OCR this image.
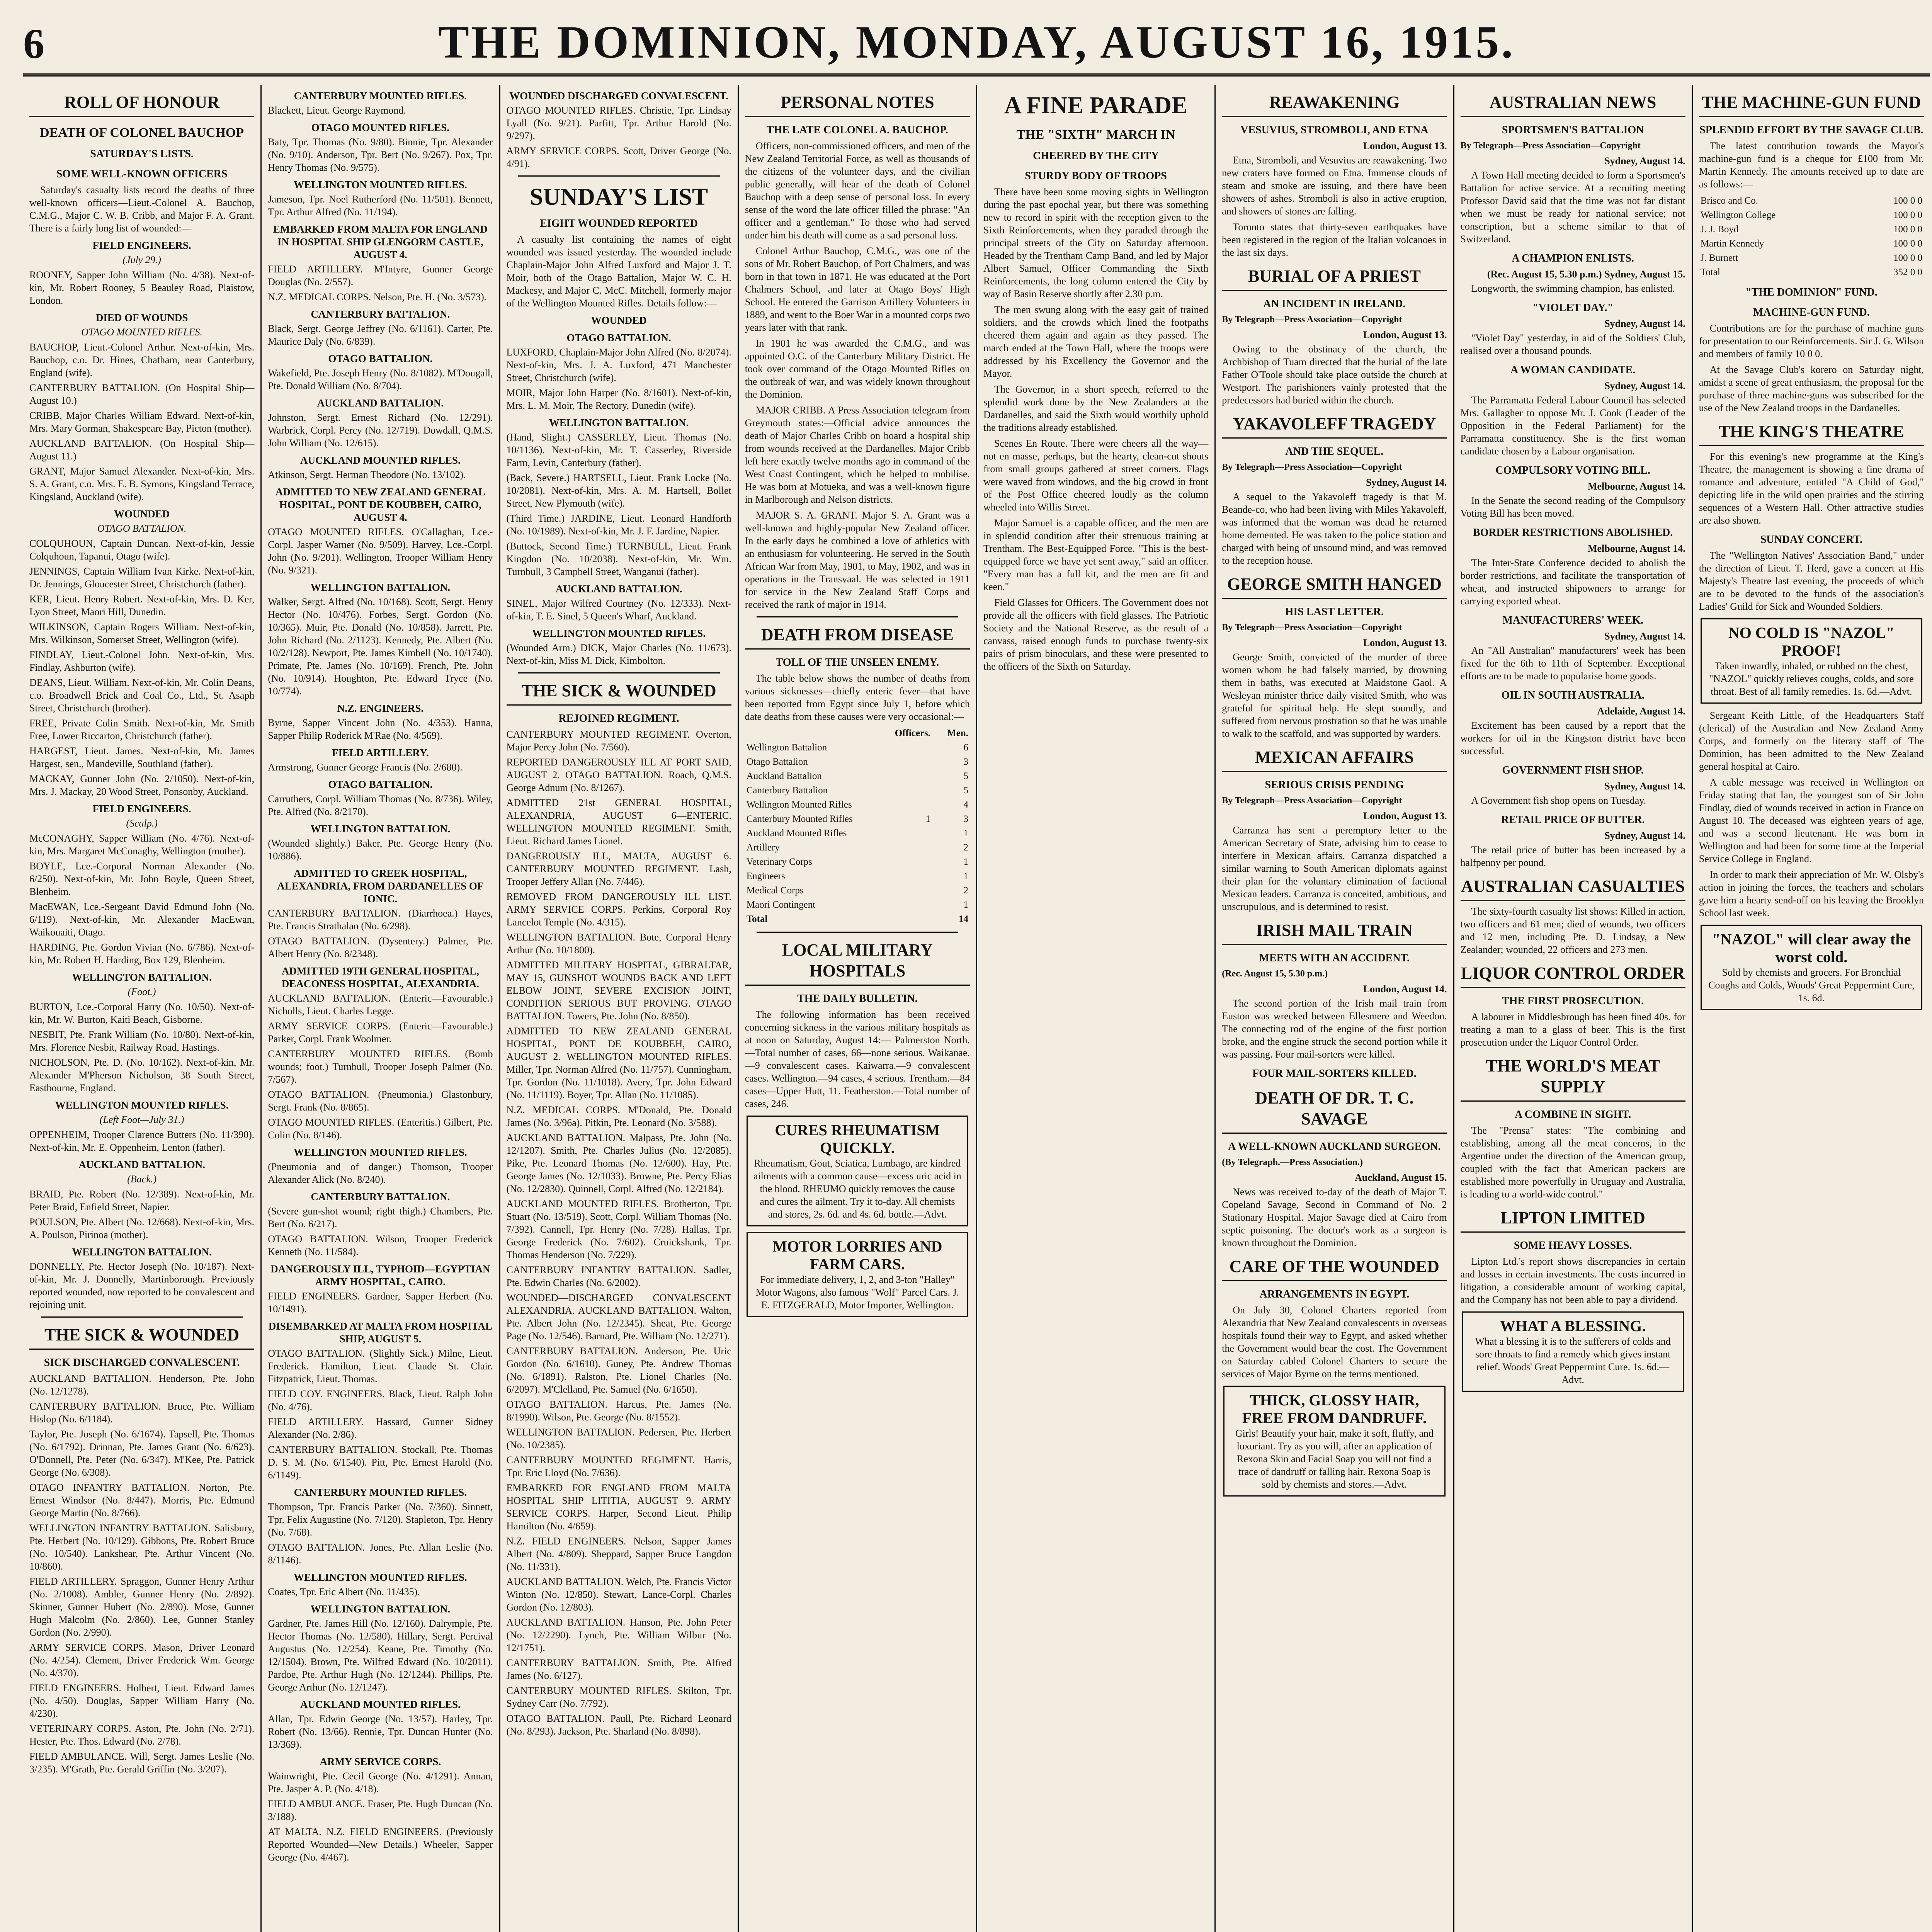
6	THE DOMINION, MONDAY, AUGUST 16, 1915.
ROLL OF HONOUR
DEATH OF COLONEL BAUCHOP
SATURDAY'S LISTS.
SOME WELL-KNOWN OFFICERS

Saturday's casualty lists record the deaths of three well-known officers—Lieut.-Colonel A. Bauchop, C.M.G., Major C. W. B. Cribb, and Major F. A. Grant. There is a fairly long list of wounded:—

FIELD ENGINEERS.
(July 29.)
ROONEY, Sapper John William (No. 4/38). Next-of-kin, Mr. Robert Rooney, 5 Beauley Road, Plaistow, London.
DIED OF WOUNDS
OTAGO MOUNTED RIFLES.
BAUCHOP, Lieut.-Colonel Arthur. Next-of-kin, Mrs. Bauchop, c.o. Dr. Hines, Chatham, near Canterbury, England (wife).
CANTERBURY BATTALION. (On Hospital Ship—August 10.)
CRIBB, Major Charles William Edward. Next-of-kin, Mrs. Mary Gorman, Shakespeare Bay, Picton (mother).
AUCKLAND BATTALION. (On Hospital Ship—August 11.)
GRANT, Major Samuel Alexander. Next-of-kin, Mrs. S. A. Grant, c.o. Mrs. E. B. Symons, Kingsland Terrace, Kingsland, Auckland (wife).
WOUNDED
OTAGO BATTALION.
COLQUHOUN, Captain Duncan. Next-of-kin, Jessie Colquhoun, Tapanui, Otago (wife).
JENNINGS, Captain William Ivan Kirke. Next-of-kin, Dr. Jennings, Gloucester Street, Christchurch (father).
KER, Lieut. Henry Robert. Next-of-kin, Mrs. D. Ker, Lyon Street, Maori Hill, Dunedin.
WILKINSON, Captain Rogers William. Next-of-kin, Mrs. Wilkinson, Somerset Street, Wellington (wife).
FINDLAY, Lieut.-Colonel John. Next-of-kin, Mrs. Findlay, Ashburton (wife).
DEANS, Lieut. William. Next-of-kin, Mr. Colin Deans, c.o. Broadwell Brick and Coal Co., Ltd., St. Asaph Street, Christchurch (brother).
FREE, Private Colin Smith. Next-of-kin, Mr. Smith Free, Lower Riccarton, Christchurch (father).
HARGEST, Lieut. James. Next-of-kin, Mr. James Hargest, sen., Mandeville, Southland (father).
MACKAY, Gunner John (No. 2/1050). Next-of-kin, Mrs. J. Mackay, 20 Wood Street, Ponsonby, Auckland.
FIELD ENGINEERS.
(Scalp.)
McCONAGHY, Sapper William (No. 4/76). Next-of-kin, Mrs. Margaret McConaghy, Wellington (mother).
BOYLE, Lce.-Corporal Norman Alexander (No. 6/250). Next-of-kin, Mr. John Boyle, Queen Street, Blenheim.
MacEWAN, Lce.-Sergeant David Edmund John (No. 6/119). Next-of-kin, Mr. Alexander MacEwan, Waikouaiti, Otago.
HARDING, Pte. Gordon Vivian (No. 6/786). Next-of-kin, Mr. Robert H. Harding, Box 129, Blenheim.
WELLINGTON BATTALION.
(Foot.)
BURTON, Lce.-Corporal Harry (No. 10/50). Next-of-kin, Mr. W. Burton, Kaiti Beach, Gisborne.
NESBIT, Pte. Frank William (No. 10/80). Next-of-kin, Mrs. Florence Nesbit, Railway Road, Hastings.
NICHOLSON, Pte. D. (No. 10/162). Next-of-kin, Mr. Alexander M'Pherson Nicholson, 38 South Street, Eastbourne, England.
WELLINGTON MOUNTED RIFLES.
(Left Foot—July 31.)
OPPENHEIM, Trooper Clarence Butters (No. 11/390). Next-of-kin, Mr. E. Oppenheim, Lenton (father).
AUCKLAND BATTALION.
(Back.)
BRAID, Pte. Robert (No. 12/389). Next-of-kin, Mr. Peter Braid, Enfield Street, Napier.
POULSON, Pte. Albert (No. 12/668). Next-of-kin, Mrs. A. Poulson, Pirinoa (mother).
WELLINGTON BATTALION.
DONNELLY, Pte. Hector Joseph (No. 10/187). Next-of-kin, Mr. J. Donnelly, Martinborough. Previously reported wounded, now reported to be convalescent and rejoining unit.
THE SICK & WOUNDED
SICK DISCHARGED CONVALESCENT.
AUCKLAND BATTALION. Henderson, Pte. John (No. 12/1278).
CANTERBURY BATTALION. Bruce, Pte. William Hislop (No. 6/1184).
Taylor, Pte. Joseph (No. 6/1674). Tapsell, Pte. Thomas (No. 6/1792). Drinnan, Pte. James Grant (No. 6/623). O'Donnell, Pte. Peter (No. 6/347). M'Kee, Pte. Patrick George (No. 6/308).
OTAGO INFANTRY BATTALION. Norton, Pte. Ernest Windsor (No. 8/447). Morris, Pte. Edmund George Martin (No. 8/766).
WELLINGTON INFANTRY BATTALION. Salisbury, Pte. Herbert (No. 10/129). Gibbons, Pte. Robert Bruce (No. 10/540). Lankshear, Pte. Arthur Vincent (No. 10/860).
FIELD ARTILLERY. Spraggon, Gunner Henry Arthur (No. 2/1008). Ambler, Gunner Henry (No. 2/892). Skinner, Gunner Hubert (No. 2/890). Mose, Gunner Hugh Malcolm (No. 2/860). Lee, Gunner Stanley Gordon (No. 2/990).
ARMY SERVICE CORPS. Mason, Driver Leonard (No. 4/254). Clement, Driver Frederick Wm. George (No. 4/370).
FIELD ENGINEERS. Holbert, Lieut. Edward James (No. 4/50). Douglas, Sapper William Harry (No. 4/230).
VETERINARY CORPS. Aston, Pte. John (No. 2/71). Hester, Pte. Thos. Edward (No. 2/78).
FIELD AMBULANCE. Will, Sergt. James Leslie (No. 3/235). M'Grath, Pte. Gerald Griffin (No. 3/207).
CANTERBURY MOUNTED RIFLES.
Blackett, Lieut. George Raymond.
OTAGO MOUNTED RIFLES.
Baty, Tpr. Thomas (No. 9/80). Binnie, Tpr. Alexander (No. 9/10). Anderson, Tpr. Bert (No. 9/267). Pox, Tpr. Henry Thomas (No. 9/575).
WELLINGTON MOUNTED RIFLES.
Jameson, Tpr. Noel Rutherford (No. 11/501). Bennett, Tpr. Arthur Alfred (No. 11/194).
EMBARKED FROM MALTA FOR ENGLAND IN HOSPITAL SHIP GLENGORM CASTLE, AUGUST 4.
FIELD ARTILLERY. M'Intyre, Gunner George Douglas (No. 2/557).
N.Z. MEDICAL CORPS. Nelson, Pte. H. (No. 3/573).
CANTERBURY BATTALION.
Black, Sergt. George Jeffrey (No. 6/1161). Carter, Pte. Maurice Daly (No. 6/839).
OTAGO BATTALION.
Wakefield, Pte. Joseph Henry (No. 8/1082). M'Dougall, Pte. Donald William (No. 8/704).
AUCKLAND BATTALION.
Johnston, Sergt. Ernest Richard (No. 12/291). Warbrick, Corpl. Percy (No. 12/719). Dowdall, Q.M.S. John William (No. 12/615).
AUCKLAND MOUNTED RIFLES.
Atkinson, Sergt. Herman Theodore (No. 13/102).
ADMITTED TO NEW ZEALAND GENERAL HOSPITAL, PONT DE KOUBBEH, CAIRO, AUGUST 4.
OTAGO MOUNTED RIFLES. O'Callaghan, Lce.-Corpl. Jasper Warner (No. 9/509). Harvey, Lce.-Corpl. John (No. 9/201). Wellington, Trooper William Henry (No. 9/321).
WELLINGTON BATTALION.
Walker, Sergt. Alfred (No. 10/168). Scott, Sergt. Henry Hector (No. 10/476). Forbes, Sergt. Gordon (No. 10/365). Muir, Pte. Donald (No. 10/858). Jarrett, Pte. John Richard (No. 2/1123). Kennedy, Pte. Albert (No. 10/2/128). Newport, Pte. James Kimbell (No. 10/1740). Primate, Pte. James (No. 10/169). French, Pte. John (No. 10/914). Houghton, Pte. Edward Tryce (No. 10/774).
N.Z. ENGINEERS.
Byrne, Sapper Vincent John (No. 4/353). Hanna, Sapper Philip Roderick M'Rae (No. 4/569).
FIELD ARTILLERY.
Armstrong, Gunner George Francis (No. 2/680).
OTAGO BATTALION.
Carruthers, Corpl. William Thomas (No. 8/736). Wiley, Pte. Alfred (No. 8/2170).
WELLINGTON BATTALION.
(Wounded slightly.) Baker, Pte. George Henry (No. 10/886).
ADMITTED TO GREEK HOSPITAL, ALEXANDRIA, FROM DARDANELLES OF IONIC.
CANTERBURY BATTALION. (Diarrhoea.) Hayes, Pte. Francis Strathalan (No. 6/298).
OTAGO BATTALION. (Dysentery.) Palmer, Pte. Albert Henry (No. 8/2348).
ADMITTED 19TH GENERAL HOSPITAL, DEACONESS HOSPITAL, ALEXANDRIA.
AUCKLAND BATTALION. (Enteric—Favourable.) Nicholls, Lieut. Charles Legge.
ARMY SERVICE CORPS. (Enteric—Favourable.) Parker, Corpl. Frank Woolmer.
CANTERBURY MOUNTED RIFLES. (Bomb wounds; foot.) Turnbull, Trooper Joseph Palmer (No. 7/567).
OTAGO BATTALION. (Pneumonia.) Glastonbury, Sergt. Frank (No. 8/865).
OTAGO MOUNTED RIFLES. (Enteritis.) Gilbert, Pte. Colin (No. 8/146).
WELLINGTON MOUNTED RIFLES.
(Pneumonia and of danger.) Thomson, Trooper Alexander Alick (No. 8/240).
CANTERBURY BATTALION.
(Severe gun-shot wound; right thigh.) Chambers, Pte. Bert (No. 6/217).
OTAGO BATTALION. Wilson, Trooper Frederick Kenneth (No. 11/584).
DANGEROUSLY ILL, TYPHOID—EGYPTIAN ARMY HOSPITAL, CAIRO.
FIELD ENGINEERS. Gardner, Sapper Herbert (No. 10/1491).
DISEMBARKED AT MALTA FROM HOSPITAL SHIP, AUGUST 5.
OTAGO BATTALION. (Slightly Sick.) Milne, Lieut. Frederick. Hamilton, Lieut. Claude St. Clair. Fitzpatrick, Lieut. Thomas.
FIELD COY. ENGINEERS. Black, Lieut. Ralph John (No. 4/76).
FIELD ARTILLERY. Hassard, Gunner Sidney Alexander (No. 2/86).
CANTERBURY BATTALION. Stockall, Pte. Thomas D. S. M. (No. 6/1540). Pitt, Pte. Ernest Harold (No. 6/1149).
CANTERBURY MOUNTED RIFLES.
Thompson, Tpr. Francis Parker (No. 7/360). Sinnett, Tpr. Felix Augustine (No. 7/120). Stapleton, Tpr. Henry (No. 7/68).
OTAGO BATTALION. Jones, Pte. Allan Leslie (No. 8/1146).
WELLINGTON MOUNTED RIFLES.
Coates, Tpr. Eric Albert (No. 11/435).
WELLINGTON BATTALION.
Gardner, Pte. James Hill (No. 12/160). Dalrymple, Pte. Hector Thomas (No. 12/580). Hillary, Sergt. Percival Augustus (No. 12/254). Keane, Pte. Timothy (No. 12/1504). Brown, Pte. Wilfred Edward (No. 10/2011). Pardoe, Pte. Arthur Hugh (No. 12/1244). Phillips, Pte. George Arthur (No. 12/1247).
AUCKLAND MOUNTED RIFLES.
Allan, Tpr. Edwin George (No. 13/57). Harley, Tpr. Robert (No. 13/66). Rennie, Tpr. Duncan Hunter (No. 13/369).
ARMY SERVICE CORPS.
Wainwright, Pte. Cecil George (No. 4/1291). Annan, Pte. Jasper A. P. (No. 4/18).
FIELD AMBULANCE. Fraser, Pte. Hugh Duncan (No. 3/188).
AT MALTA. N.Z. FIELD ENGINEERS. (Previously Reported Wounded—New Details.) Wheeler, Sapper George (No. 4/467).
WOUNDED DISCHARGED CONVALESCENT.
OTAGO MOUNTED RIFLES. Christie, Tpr. Lindsay Lyall (No. 9/21). Parfitt, Tpr. Arthur Harold (No. 9/297).
ARMY SERVICE CORPS. Scott, Driver George (No. 4/91).
SUNDAY'S LIST
EIGHT WOUNDED REPORTED

A casualty list containing the names of eight wounded was issued yesterday. The wounded include Chaplain-Major John Alfred Luxford and Major J. T. Moir, both of the Otago Battalion, Major W. C. H. Mackesy, and Major C. McC. Mitchell, formerly major of the Wellington Mounted Rifles. Details follow:—

WOUNDED
OTAGO BATTALION.
LUXFORD, Chaplain-Major John Alfred (No. 8/2074). Next-of-kin, Mrs. J. A. Luxford, 471 Manchester Street, Christchurch (wife).
MOIR, Major John Harper (No. 8/1601). Next-of-kin, Mrs. L. M. Moir, The Rectory, Dunedin (wife).
WELLINGTON BATTALION.
(Hand, Slight.) CASSERLEY, Lieut. Thomas (No. 10/1136). Next-of-kin, Mr. T. Casserley, Riverside Farm, Levin, Canterbury (father).
(Back, Severe.) HARTSELL, Lieut. Frank Locke (No. 10/2081). Next-of-kin, Mrs. A. M. Hartsell, Bollet Street, New Plymouth (wife).
(Third Time.) JARDINE, Lieut. Leonard Handforth (No. 10/1989). Next-of-kin, Mr. J. F. Jardine, Napier.
(Buttock, Second Time.) TURNBULL, Lieut. Frank Kingdon (No. 10/2038). Next-of-kin, Mr. Wm. Turnbull, 3 Campbell Street, Wanganui (father).
AUCKLAND BATTALION.
SINEL, Major Wilfred Courtney (No. 12/333). Next-of-kin, T. E. Sinel, 5 Queen's Wharf, Auckland.
WELLINGTON MOUNTED RIFLES.
(Wounded Arm.) DICK, Major Charles (No. 11/673). Next-of-kin, Miss M. Dick, Kimbolton.
THE SICK & WOUNDED
REJOINED REGIMENT.
CANTERBURY MOUNTED REGIMENT. Overton, Major Percy John (No. 7/560).
REPORTED DANGEROUSLY ILL AT PORT SAID, AUGUST 2. OTAGO BATTALION. Roach, Q.M.S. George Adnum (No. 8/1267).
ADMITTED 21st GENERAL HOSPITAL, ALEXANDRIA, AUGUST 6—ENTERIC. WELLINGTON MOUNTED REGIMENT. Smith, Lieut. Richard James Lionel.
DANGEROUSLY ILL, MALTA, AUGUST 6. CANTERBURY MOUNTED REGIMENT. Lash, Trooper Jeffery Allan (No. 7/446).
REMOVED FROM DANGEROUSLY ILL LIST. ARMY SERVICE CORPS. Perkins, Corporal Roy Lancelot Temple (No. 4/315).
WELLINGTON BATTALION. Bote, Corporal Henry Arthur (No. 10/1800).
ADMITTED MILITARY HOSPITAL, GIBRALTAR, MAY 15, GUNSHOT WOUNDS BACK AND LEFT ELBOW JOINT, SEVERE EXCISION JOINT, CONDITION SERIOUS BUT PROVING. OTAGO BATTALION. Towers, Pte. John (No. 8/850).
ADMITTED TO NEW ZEALAND GENERAL HOSPITAL, PONT DE KOUBBEH, CAIRO, AUGUST 2. WELLINGTON MOUNTED RIFLES. Miller, Tpr. Norman Alfred (No. 11/757). Cunningham, Tpr. Gordon (No. 11/1018). Avery, Tpr. John Edward (No. 11/1119). Boyer, Tpr. Allan (No. 11/1085).
N.Z. MEDICAL CORPS. M'Donald, Pte. Donald James (No. 3/96a). Pitkin, Pte. Leonard (No. 3/588).
AUCKLAND BATTALION. Malpass, Pte. John (No. 12/1207). Smith, Pte. Charles Julius (No. 12/2085). Pike, Pte. Leonard Thomas (No. 12/600). Hay, Pte. George James (No. 12/1033). Browne, Pte. Percy Elias (No. 12/2830). Quinnell, Corpl. Alfred (No. 12/2184).
AUCKLAND MOUNTED RIFLES. Brotherton, Tpr. Stuart (No. 13/519). Scott, Corpl. William Thomas (No. 7/392). Cannell, Tpr. Henry (No. 7/28). Hallas, Tpr. George Frederick (No. 7/602). Cruickshank, Tpr. Thomas Henderson (No. 7/229).
CANTERBURY INFANTRY BATTALION. Sadler, Pte. Edwin Charles (No. 6/2002).
WOUNDED—DISCHARGED CONVALESCENT ALEXANDRIA. AUCKLAND BATTALION. Walton, Pte. Albert John (No. 12/2345). Sheat, Pte. George Page (No. 12/546). Barnard, Pte. William (No. 12/271).
CANTERBURY BATTALION. Anderson, Pte. Uric Gordon (No. 6/1610). Guney, Pte. Andrew Thomas (No. 6/1891). Ralston, Pte. Lionel Charles (No. 6/2097). M'Clelland, Pte. Samuel (No. 6/1650).
OTAGO BATTALION. Harcus, Pte. James (No. 8/1990). Wilson, Pte. George (No. 8/1552).
WELLINGTON BATTALION. Pedersen, Pte. Herbert (No. 10/2385).
CANTERBURY MOUNTED REGIMENT. Harris, Tpr. Eric Lloyd (No. 7/636).
EMBARKED FOR ENGLAND FROM MALTA HOSPITAL SHIP LITITIA, AUGUST 9. ARMY SERVICE CORPS. Harper, Second Lieut. Philip Hamilton (No. 4/659).
N.Z. FIELD ENGINEERS. Nelson, Sapper James Albert (No. 4/809). Sheppard, Sapper Bruce Langdon (No. 11/331).
AUCKLAND BATTALION. Welch, Pte. Francis Victor Winton (No. 12/850). Stewart, Lance-Corpl. Charles Gordon (No. 12/803).
AUCKLAND BATTALION. Hanson, Pte. John Peter (No. 12/2290). Lynch, Pte. William Wilbur (No. 12/1751).
CANTERBURY BATTALION. Smith, Pte. Alfred James (No. 6/127).
CANTERBURY MOUNTED RIFLES. Skilton, Tpr. Sydney Carr (No. 7/792).
OTAGO BATTALION. Paull, Pte. Richard Leonard (No. 8/293). Jackson, Pte. Sharland (No. 8/898).
PERSONAL NOTES
THE LATE COLONEL A. BAUCHOP.

Officers, non-commissioned officers, and men of the New Zealand Territorial Force, as well as thousands of the citizens of the volunteer days, and the civilian public generally, will hear of the death of Colonel Bauchop with a deep sense of personal loss. In every sense of the word the late officer filled the phrase: "An officer and a gentleman." To those who had served under him his death will come as a sad personal loss.

Colonel Arthur Bauchop, C.M.G., was one of the sons of Mr. Robert Bauchop, of Port Chalmers, and was born in that town in 1871. He was educated at the Port Chalmers School, and later at Otago Boys' High School. He entered the Garrison Artillery Volunteers in 1889, and went to the Boer War in a mounted corps two years later with that rank.

In 1901 he was awarded the C.M.G., and was appointed O.C. of the Canterbury Military District. He took over command of the Otago Mounted Rifles on the outbreak of war, and was widely known throughout the Dominion.

MAJOR CRIBB. A Press Association telegram from Greymouth states:—Official advice announces the death of Major Charles Cribb on board a hospital ship from wounds received at the Dardanelles. Major Cribb left here exactly twelve months ago in command of the West Coast Contingent, which he helped to mobilise. He was born at Motueka, and was a well-known figure in Marlborough and Nelson districts.

MAJOR S. A. GRANT. Major S. A. Grant was a well-known and highly-popular New Zealand officer. In the early days he combined a love of athletics with an enthusiasm for volunteering. He served in the South African War from May, 1901, to May, 1902, and was in operations in the Transvaal. He was selected in 1911 for service in the New Zealand Staff Corps and received the rank of major in 1914.

DEATH FROM DISEASE
TOLL OF THE UNSEEN ENEMY.

The table below shows the number of deaths from various sicknesses—chiefly enteric fever—that have been reported from Egypt since July 1, before which date deaths from these causes were very occasional:—

	Officers.	Men.
Wellington Battalion		6
Otago Battalion		3
Auckland Battalion		5
Canterbury Battalion		5
Wellington Mounted Rifles		4
Canterbury Mounted Rifles	1	3
Auckland Mounted Rifles		1
Artillery		2
Veterinary Corps		1
Engineers		1
Medical Corps		2
Maori Contingent		1
Total		14
LOCAL MILITARY HOSPITALS
THE DAILY BULLETIN.

The following information has been received concerning sickness in the various military hospitals as at noon on Saturday, August 14:— Palmerston North.—Total number of cases, 66—none serious. Waikanae.—9 convalescent cases. Kaiwarra.—9 convalescent cases. Wellington.—94 cases, 4 serious. Trentham.—84 cases—Upper Hutt, 11. Featherston.—Total number of cases, 246.

CURES RHEUMATISM QUICKLY.
Rheumatism, Gout, Sciatica, Lumbago, are kindred ailments with a common cause—excess uric acid in the blood. RHEUMO quickly removes the cause and cures the ailment. Try it to-day. All chemists and stores, 2s. 6d. and 4s. 6d. bottle.—Advt.
MOTOR LORRIES AND FARM CARS.
For immediate delivery, 1, 2, and 3-ton "Halley" Motor Wagons, also famous "Wolf" Parcel Cars. J. E. FITZGERALD, Motor Importer, Wellington.
A FINE PARADE
THE "SIXTH" MARCH IN
CHEERED BY THE CITY
STURDY BODY OF TROOPS

There have been some moving sights in Wellington during the past epochal year, but there was something new to record in spirit with the reception given to the Sixth Reinforcements, when they paraded through the principal streets of the City on Saturday afternoon. Headed by the Trentham Camp Band, and led by Major Albert Samuel, Officer Commanding the Sixth Reinforcements, the long column entered the City by way of Basin Reserve shortly after 2.30 p.m.

The men swung along with the easy gait of trained soldiers, and the crowds which lined the footpaths cheered them again and again as they passed. The march ended at the Town Hall, where the troops were addressed by his Excellency the Governor and the Mayor.

The Governor, in a short speech, referred to the splendid work done by the New Zealanders at the Dardanelles, and said the Sixth would worthily uphold the traditions already established.

Scenes En Route. There were cheers all the way—not en masse, perhaps, but the hearty, clean-cut shouts from small groups gathered at street corners. Flags were waved from windows, and the big crowd in front of the Post Office cheered loudly as the column wheeled into Willis Street.

Major Samuel is a capable officer, and the men are in splendid condition after their strenuous training at Trentham. The Best-Equipped Force. "This is the best-equipped force we have yet sent away," said an officer. "Every man has a full kit, and the men are fit and keen."

Field Glasses for Officers. The Government does not provide all the officers with field glasses. The Patriotic Society and the National Reserve, as the result of a canvass, raised enough funds to purchase twenty-six pairs of prism binoculars, and these were presented to the officers of the Sixth on Saturday.

REAWAKENING
VESUVIUS, STROMBOLI, AND ETNA
London, August 13.

Etna, Stromboli, and Vesuvius are reawakening. Two new craters have formed on Etna. Immense clouds of steam and smoke are issuing, and there have been showers of ashes. Stromboli is also in active eruption, and showers of stones are falling.

Toronto states that thirty-seven earthquakes have been registered in the region of the Italian volcanoes in the last six days.

BURIAL OF A PRIEST
AN INCIDENT IN IRELAND.
By Telegraph—Press Association—Copyright
London, August 13.

Owing to the obstinacy of the church, the Archbishop of Tuam directed that the burial of the late Father O'Toole should take place outside the church at Westport. The parishioners vainly protested that the predecessors had buried within the church.

YAKAVOLEFF TRAGEDY
AND THE SEQUEL.
By Telegraph—Press Association—Copyright
Sydney, August 14.

A sequel to the Yakavoleff tragedy is that M. Beande-co, who had been living with Miles Yakavoleff, was informed that the woman was dead he returned home demented. He was taken to the police station and charged with being of unsound mind, and was removed to the reception house.

GEORGE SMITH HANGED
HIS LAST LETTER.
By Telegraph—Press Association—Copyright
London, August 13.

George Smith, convicted of the murder of three women whom he had falsely married, by drowning them in baths, was executed at Maidstone Gaol. A Wesleyan minister thrice daily visited Smith, who was grateful for spiritual help. He slept soundly, and suffered from nervous prostration so that he was unable to walk to the scaffold, and was supported by warders.

MEXICAN AFFAIRS
SERIOUS CRISIS PENDING
By Telegraph—Press Association—Copyright
London, August 13.

Carranza has sent a peremptory letter to the American Secretary of State, advising him to cease to interfere in Mexican affairs. Carranza dispatched a similar warning to South American diplomats against their plan for the voluntary elimination of factional Mexican leaders. Carranza is conceited, ambitious, and unscrupulous, and is determined to resist.

IRISH MAIL TRAIN
MEETS WITH AN ACCIDENT.
(Rec. August 15, 5.30 p.m.)
London, August 14.

The second portion of the Irish mail train from Euston was wrecked between Ellesmere and Weedon. The connecting rod of the engine of the first portion broke, and the engine struck the second portion while it was passing. Four mail-sorters were killed.

FOUR MAIL-SORTERS KILLED.
DEATH OF DR. T. C. SAVAGE
A WELL-KNOWN AUCKLAND SURGEON.
(By Telegraph.—Press Association.)
Auckland, August 15.

News was received to-day of the death of Major T. Copeland Savage, Second in Command of No. 2 Stationary Hospital. Major Savage died at Cairo from septic poisoning. The doctor's work as a surgeon is known throughout the Dominion.

CARE OF THE WOUNDED
ARRANGEMENTS IN EGYPT.

On July 30, Colonel Charters reported from Alexandria that New Zealand convalescents in overseas hospitals found their way to Egypt, and asked whether the Government would bear the cost. The Government on Saturday cabled Colonel Charters to secure the services of Major Byrne on the terms mentioned.

THICK, GLOSSY HAIR, FREE FROM DANDRUFF.
Girls! Beautify your hair, make it soft, fluffy, and luxuriant. Try as you will, after an application of Rexona Skin and Facial Soap you will not find a trace of dandruff or falling hair. Rexona Soap is sold by chemists and stores.—Advt.
AUSTRALIAN NEWS
SPORTSMEN'S BATTALION
By Telegraph—Press Association—Copyright
Sydney, August 14.

A Town Hall meeting decided to form a Sportsmen's Battalion for active service. At a recruiting meeting Professor David said that the time was not far distant when we must be ready for national service; not conscription, but a scheme similar to that of Switzerland.

A CHAMPION ENLISTS.
(Rec. August 15, 5.30 p.m.) Sydney, August 15.

Longworth, the swimming champion, has enlisted.

"VIOLET DAY."
Sydney, August 14.

"Violet Day" yesterday, in aid of the Soldiers' Club, realised over a thousand pounds.

A WOMAN CANDIDATE.
Sydney, August 14.

The Parramatta Federal Labour Council has selected Mrs. Gallagher to oppose Mr. J. Cook (Leader of the Opposition in the Federal Parliament) for the Parramatta constituency. She is the first woman candidate chosen by a Labour organisation.

COMPULSORY VOTING BILL.
Melbourne, August 14.

In the Senate the second reading of the Compulsory Voting Bill has been moved.

BORDER RESTRICTIONS ABOLISHED.
Melbourne, August 14.

The Inter-State Conference decided to abolish the border restrictions, and facilitate the transportation of wheat, and instructed shipowners to arrange for carrying exported wheat.

MANUFACTURERS' WEEK.
Sydney, August 14.

An "All Australian" manufacturers' week has been fixed for the 6th to 11th of September. Exceptional efforts are to be made to popularise home goods.

OIL IN SOUTH AUSTRALIA.
Adelaide, August 14.

Excitement has been caused by a report that the workers for oil in the Kingston district have been successful.

GOVERNMENT FISH SHOP.
Sydney, August 14.

A Government fish shop opens on Tuesday.

RETAIL PRICE OF BUTTER.
Sydney, August 14.

The retail price of butter has been increased by a halfpenny per pound.

AUSTRALIAN CASUALTIES

The sixty-fourth casualty list shows: Killed in action, two officers and 61 men; died of wounds, two officers and 12 men, including Pte. D. Lindsay, a New Zealander; wounded, 22 officers and 273 men.

LIQUOR CONTROL ORDER
THE FIRST PROSECUTION.

A labourer in Middlesbrough has been fined 40s. for treating a man to a glass of beer. This is the first prosecution under the Liquor Control Order.

THE WORLD'S MEAT SUPPLY
A COMBINE IN SIGHT.

The "Prensa" states: "The combining and establishing, among all the meat concerns, in the Argentine under the direction of the American group, coupled with the fact that American packers are established more powerfully in Uruguay and Australia, is leading to a world-wide control."

LIPTON LIMITED
SOME HEAVY LOSSES.

Lipton Ltd.'s report shows discrepancies in certain and losses in certain investments. The costs incurred in litigation, a considerable amount of working capital, and the Company has not been able to pay a dividend.

WHAT A BLESSING.
What a blessing it is to the sufferers of colds and sore throats to find a remedy which gives instant relief. Woods' Great Peppermint Cure. 1s. 6d.—Advt.
THE MACHINE-GUN FUND
SPLENDID EFFORT BY THE SAVAGE CLUB.

The latest contribution towards the Mayor's machine-gun fund is a cheque for £100 from Mr. Martin Kennedy. The amounts received up to date are as follows:—

Brisco and Co.	100 0 0
Wellington College	100 0 0
J. J. Boyd	100 0 0
Martin Kennedy	100 0 0
J. Burnett	100 0 0
Total	352 0 0
"THE DOMINION" FUND.
MACHINE-GUN FUND.

Contributions are for the purchase of machine guns for presentation to our Reinforcements. Sir J. G. Wilson and members of family 10 0 0.

At the Savage Club's korero on Saturday night, amidst a scene of great enthusiasm, the proposal for the purchase of three machine-guns was subscribed for the use of the New Zealand troops in the Dardanelles.

THE KING'S THEATRE

For this evening's new programme at the King's Theatre, the management is showing a fine drama of romance and adventure, entitled "A Child of God," depicting life in the wild open prairies and the stirring sequences of a Western Hall. Other attractive studies are also shown.

SUNDAY CONCERT.

The "Wellington Natives' Association Band," under the direction of Lieut. T. Herd, gave a concert at His Majesty's Theatre last evening, the proceeds of which are to be devoted to the funds of the association's Ladies' Guild for Sick and Wounded Soldiers.

NO COLD IS "NAZOL" PROOF!
Taken inwardly, inhaled, or rubbed on the chest, "NAZOL" quickly relieves coughs, colds, and sore throat. Best of all family remedies. 1s. 6d.—Advt.

Sergeant Keith Little, of the Headquarters Staff (clerical) of the Australian and New Zealand Army Corps, and formerly on the literary staff of The Dominion, has been admitted to the New Zealand general hospital at Cairo.

A cable message was received in Wellington on Friday stating that Ian, the youngest son of Sir John Findlay, died of wounds received in action in France on August 10. The deceased was eighteen years of age, and was a second lieutenant. He was born in Wellington and had been for some time at the Imperial Service College in England.

In order to mark their appreciation of Mr. W. Olsby's action in joining the forces, the teachers and scholars gave him a hearty send-off on his leaving the Brooklyn School last week.

"NAZOL" will clear away the worst cold.
Sold by chemists and grocers. For Bronchial Coughs and Colds, Woods' Great Peppermint Cure, 1s. 6d.
